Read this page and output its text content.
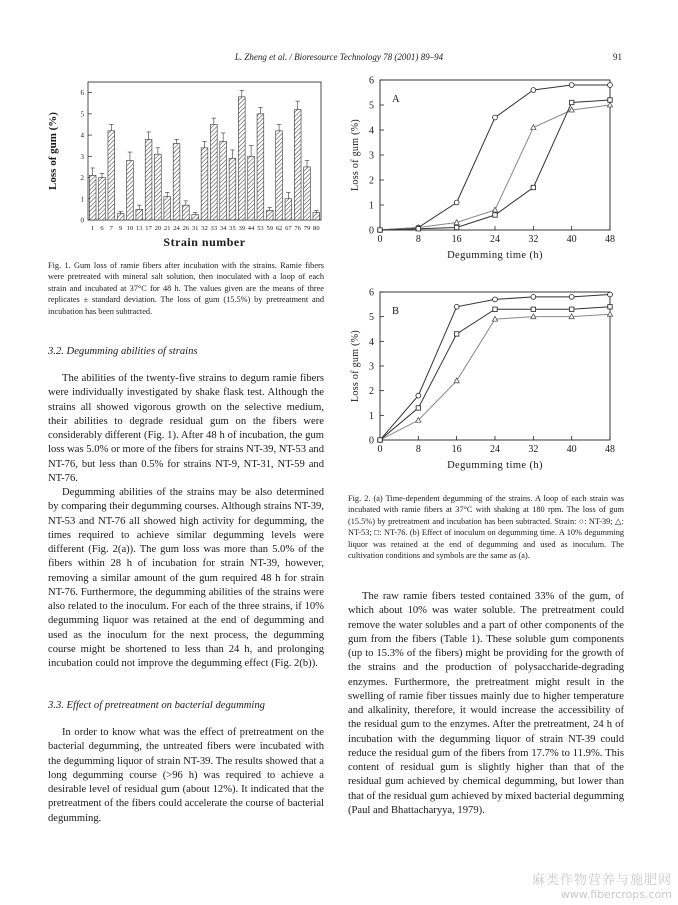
L. Zheng et al. / Bioresource Technology 78 (2001) 89–94	91
0
1
2
3
4
5
6
1 6 7 9 10 13 17 20 21 24 26 31 32 33 34 35 39 44 53 59 62 67 76 79 80
Loss of gum (%)
Strain number
Fig. 1. Gum loss of ramie fibers after incubation with the strains. Ramie fibers were pretreated with mineral salt solution, then inoculated with a loop of each strain and incubated at 37°C for 48 h. The values given are the means of three replicates ± standard deviation. The loss of gum (15.5%) by pretreatment and incubation has been subtracted.
0
1
2
3
4
5
6
0	8	16	24	32	40	48
A
Loss of gum (%)
Degumming time (h)
0
1
2
3
4
5
6
0	8	16	24	32	40	48
B
Loss of gum (%)
Degumming time (h)
Fig. 2. (a) Time-dependent degumming of the strains. A loop of each strain was incubated with ramie fibers at 37°C with shaking at 180 rpm. The loss of gum (15.5%) by pretreatment and incubation has been subtracted. Strain: ○: NT-39; △: NT-53; □: NT-76. (b) Effect of inoculum on degumming time. A 10% degumming liquor was retained at the end of degumming and used as inoculum. The cultivation conditions and symbols are the same as (a).
3.2. Degumming abilities of strains

The abilities of the twenty-five strains to degum ramie fibers were individually investigated by shake flask test. Although the strains all showed vigorous growth on the selective medium, their abilities to degrade residual gum on the fibers were considerably different (Fig. 1). After 48 h of incubation, the gum loss was 5.0% or more of the fibers for strains NT-39, NT-53 and NT-76, but less than 0.5% for strains NT-9, NT-31, NT-59 and NT-76.

Degumming abilities of the strains may be also determined by comparing their degumming courses. Although strains NT-39, NT-53 and NT-76 all showed high activity for degumming, the times required to achieve similar degumming levels were different (Fig. 2(a)). The gum loss was more than 5.0% of the fibers within 28 h of incubation for strain NT-39, however, removing a similar amount of the gum required 48 h for strain NT-76. Furthermore, the degumming abilities of the strains were also related to the inoculum. For each of the three strains, if 10% degumming liquor was retained at the end of degumming and used as the inoculum for the next process, the degumming course might be shortened to less than 24 h, and prolonging incubation could not improve the degumming effect (Fig. 2(b)).

3.3. Effect of pretreatment on bacterial degumming

In order to know what was the effect of pretreatment on the bacterial degumming, the untreated fibers were incubated with the degumming liquor of strain NT-39. The results showed that a long degumming course (>96 h) was required to achieve a desirable level of residual gum (about 12%). It indicated that the pretreatment of the fibers could accelerate the course of bacterial degumming.

The raw ramie fibers tested contained 33% of the gum, of which about 10% was water soluble. The pretreatment could remove the water solubles and a part of other components of the gum from the fibers (Table 1). These soluble gum components (up to 15.3% of the fibers) might be providing for the growth of the strains and the production of polysaccharide-degrading enzymes. Furthermore, the pretreatment might result in the swelling of ramie fiber tissues mainly due to higher temperature and alkalinity, therefore, it would increase the accessibility of the residual gum to the enzymes. After the pretreatment, 24 h of incubation with the degumming liquor of strain NT-39 could reduce the residual gum of the fibers from 17.7% to 11.9%. This content of residual gum is slightly higher than that of the residual gum achieved by chemical degumming, but lower than that of the residual gum achieved by mixed bacterial degumming (Paul and Bhattacharyya, 1979).

麻类作物营养与施肥网
www.fibercrops.com
